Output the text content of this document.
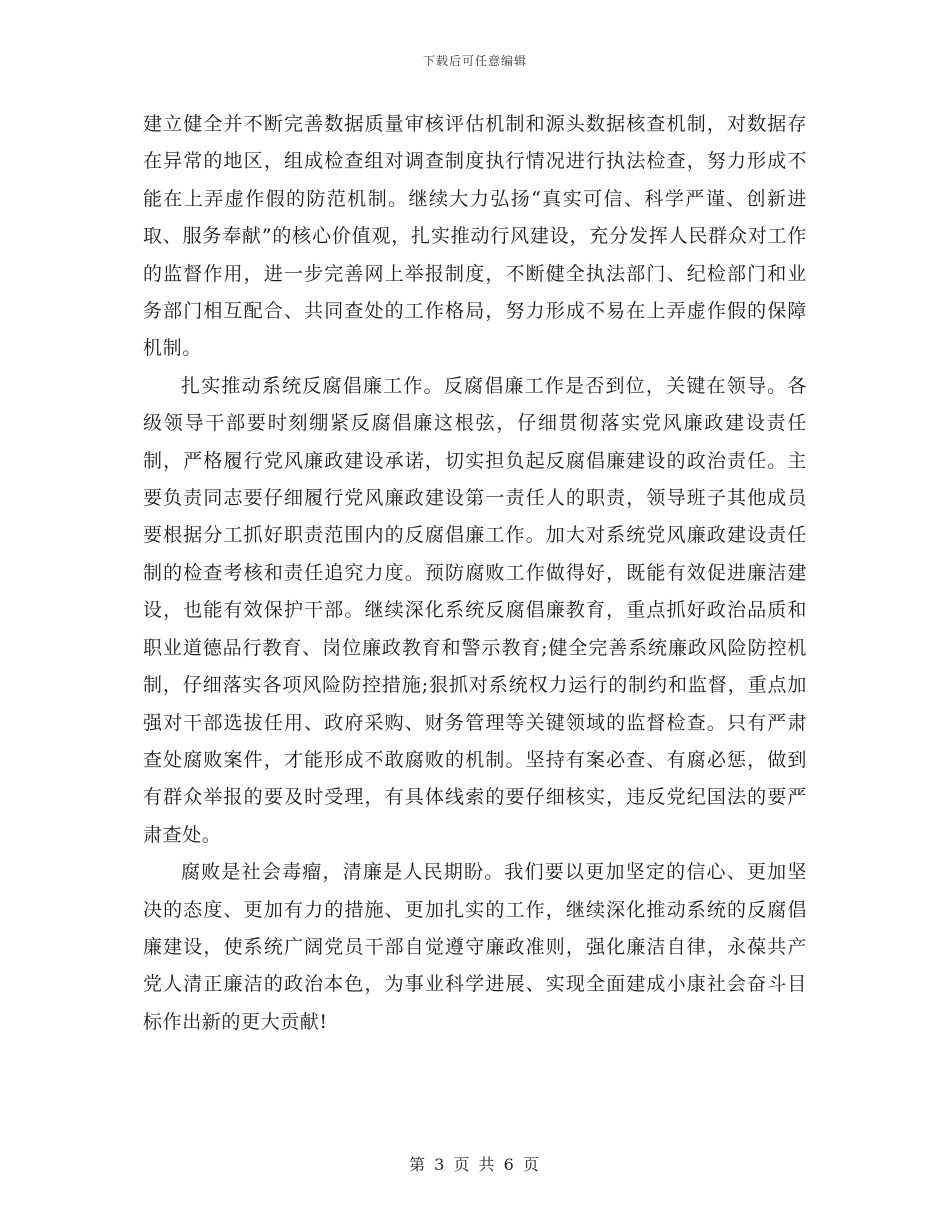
下载后可任意编辑

建立健全并不断完善数据质量审核评估机制和源头数据核查机制，对数据存在异常的地区，组成检查组对调查制度执行情况进行执法检查，努力形成不能在上弄虚作假的防范机制。继续大力弘扬“真实可信、科学严谨、创新进取、服务奉献”的核心价值观，扎实推动行风建设，充分发挥人民群众对工作的监督作用，进一步完善网上举报制度，不断健全执法部门、纪检部门和业务部门相互配合、共同查处的工作格局，努力形成不易在上弄虚作假的保障机制。

扎实推动系统反腐倡廉工作。反腐倡廉工作是否到位，关键在领导。各级领导干部要时刻绷紧反腐倡廉这根弦，仔细贯彻落实党风廉政建设责任制，严格履行党风廉政建设承诺，切实担负起反腐倡廉建设的政治责任。主要负责同志要仔细履行党风廉政建设第一责任人的职责，领导班子其他成员要根据分工抓好职责范围内的反腐倡廉工作。加大对系统党风廉政建设责任制的检查考核和责任追究力度。预防腐败工作做得好，既能有效促进廉洁建设，也能有效保护干部。继续深化系统反腐倡廉教育，重点抓好政治品质和职业道德品行教育、岗位廉政教育和警示教育;健全完善系统廉政风险防控机制，仔细落实各项风险防控措施;狠抓对系统权力运行的制约和监督，重点加强对干部选拔任用、政府采购、财务管理等关键领域的监督检查。只有严肃查处腐败案件，才能形成不敢腐败的机制。坚持有案必查、有腐必惩，做到有群众举报的要及时受理，有具体线索的要仔细核实，违反党纪国法的要严肃查处。

腐败是社会毒瘤，清廉是人民期盼。我们要以更加坚定的信心、更加坚决的态度、更加有力的措施、更加扎实的工作，继续深化推动系统的反腐倡廉建设，使系统广阔党员干部自觉遵守廉政准则，强化廉洁自律，永葆共产党人清正廉洁的政治本色，为事业科学进展、实现全面建成小康社会奋斗目标作出新的更大贡献!

第 3 页 共 6 页
